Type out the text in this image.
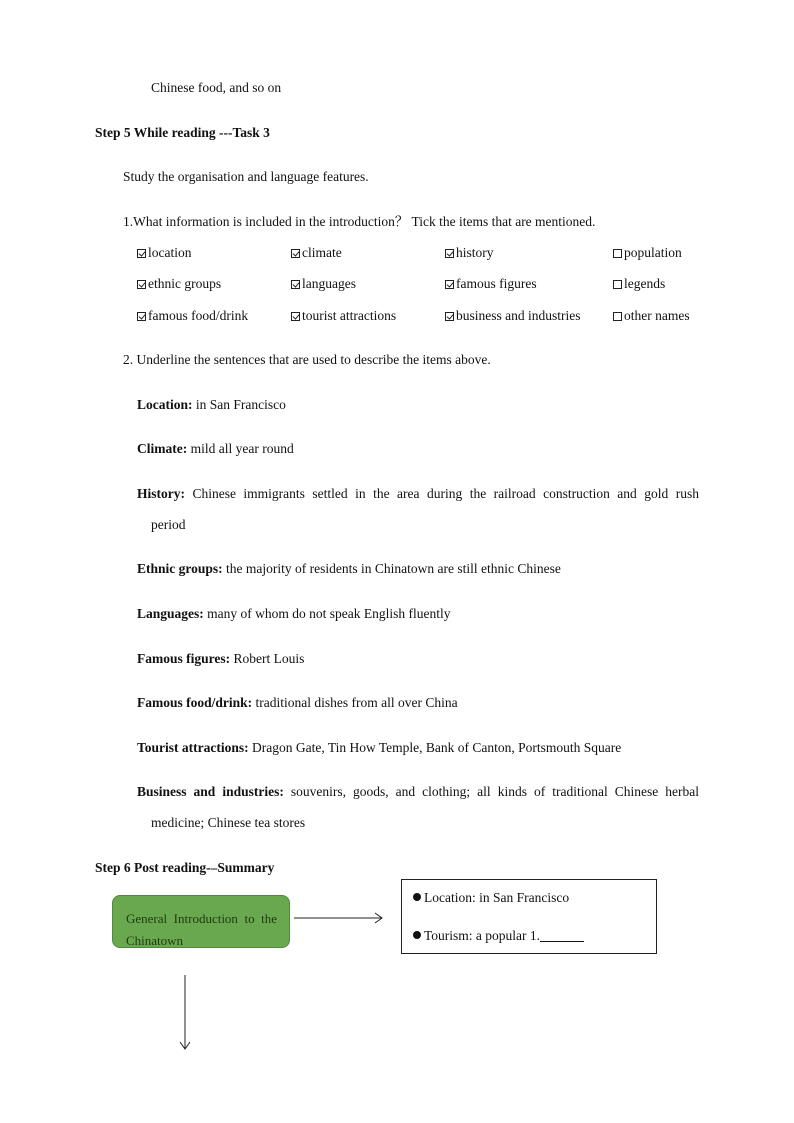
Chinese food, and so on
Step 5 While reading ---Task 3
Study the organisation and language features.
1.What information is included in the introduction？ Tick the items that are mentioned.
location	climate	history	population
ethnic groups	languages	famous figures	legends
famous food/drink	tourist attractions	business and industries	other names
2. Underline the sentences that are used to describe the items above.
Location: in San Francisco
Climate: mild all year round
History: Chinese immigrants settled in the area during the railroad construction and gold rush
period
Ethnic groups: the majority of residents in Chinatown are still ethnic Chinese
Languages: many of whom do not speak English fluently
Famous figures: Robert Louis
Famous food/drink: traditional dishes from all over China
Tourist attractions: Dragon Gate, Tin How Temple, Bank of Canton, Portsmouth Square
Business and industries: souvenirs, goods, and clothing; all kinds of traditional Chinese herbal
medicine; Chinese tea stores
Step 6 Post reading-–Summary
General Introduction to the Chinatown
Location: in San Francisco
Tourism: a popular 1.
